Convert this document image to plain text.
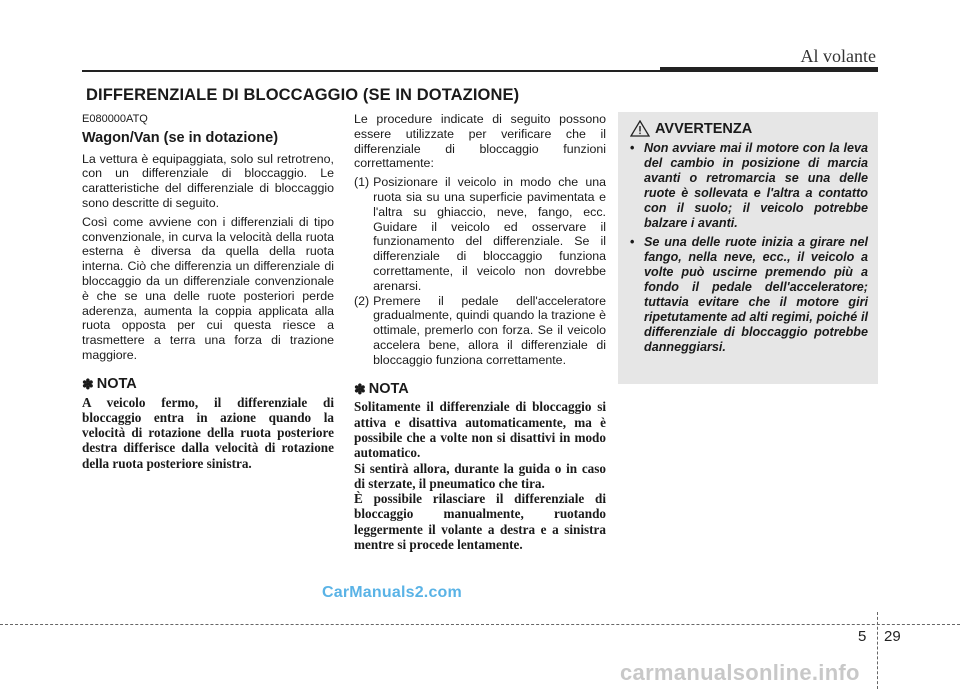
Al volante
DIFFERENZIALE DI BLOCCAGGIO (SE IN DOTAZIONE)
E080000ATQ
Wagon/Van (se in dotazione)

La vettura è equipaggiata, solo sul retrotreno, con un differenziale di bloccaggio. Le caratteristiche del differenziale di bloccaggio sono descritte di seguito.

Così come avviene con i differenziali di tipo convenzionale, in curva la velocità della ruota esterna è diversa da quella della ruota interna. Ciò che differenzia un differenziale di bloccaggio da un differenziale convenzionale è che se una delle ruote posteriori perde aderenza, aumenta la coppia applicata alla ruota opposta per cui questa riesce a trasmettere a terra una forza di trazione maggiore.

✽ NOTA

A veicolo fermo, il differenziale di bloccaggio entra in azione quando la velocità di rotazione della ruota posteriore destra differisce dalla velocità di rotazione della ruota posteriore sinistra.

Le procedure indicate di seguito possono essere utilizzate per verificare che il differenziale di bloccaggio funzioni correttamente:

(1) Posizionare il veicolo in modo che una ruota sia su una superficie pavimentata e l'altra su ghiaccio, neve, fango, ecc. Guidare il veicolo ed osservare il funzionamento del differenziale. Se il differenziale di bloccaggio funziona correttamente, il veicolo non dovrebbe arenarsi.
(2) Premere il pedale dell'acceleratore gradualmente, quindi quando la trazione è ottimale, premerlo con forza. Se il veicolo accelera bene, allora il differenziale di bloccaggio funziona correttamente.
✽ NOTA

Solitamente il differenziale di bloccaggio si attiva e disattiva automaticamente, ma è possibile che a volte non si disattivi in modo automatico.

Si sentirà allora, durante la guida o in caso di sterzate, il pneumatico che tira.

È possibile rilasciare il differenziale di bloccaggio manualmente, ruotando leggermente il volante a destra e a sinistra mentre si procede lentamente.

AVVERTENZA
• Non avviare mai il motore con la leva del cambio in posizione di marcia avanti o retromarcia se una delle ruote è sollevata e l'altra a contatto con il suolo; il veicolo potrebbe balzare i avanti.
• Se una delle ruote inizia a girare nel fango, nella neve, ecc., il veicolo a volte può uscirne premendo più a fondo il pedale dell'acceleratore; tuttavia evitare che il motore giri ripetutamente ad alti regimi, poiché il differenziale di bloccaggio potrebbe danneggiarsi.
CarManuals2.com
5 29
carmanualsonline.info
